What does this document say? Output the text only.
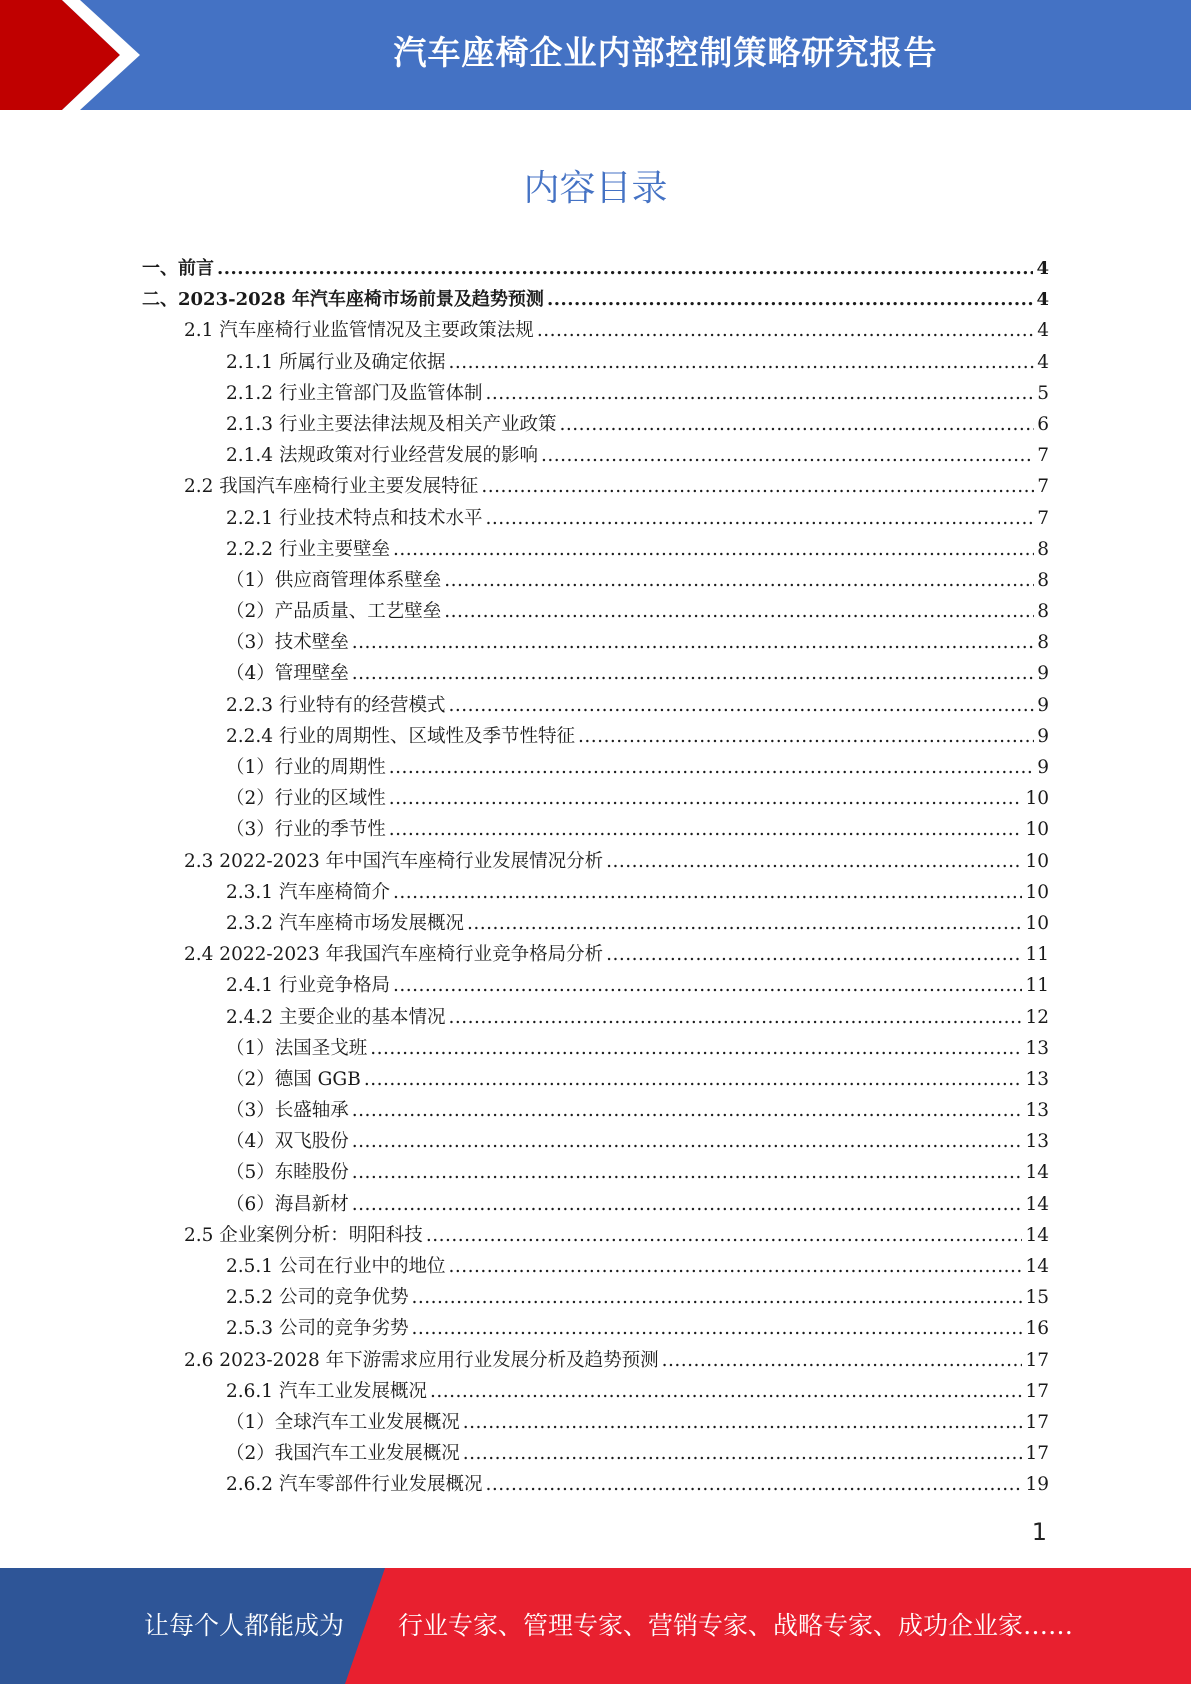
汽车座椅企业内部控制策略研究报告
内容目录
一、前言 .....	4
二、2023-2028 年汽车座椅市场前景及趋势预测 .....	4
2.1 汽车座椅行业监管情况及主要政策法规 .....	4
2.1.1 所属行业及确定依据 .....	4
2.1.2 行业主管部门及监管体制 .....	5
2.1.3 行业主要法律法规及相关产业政策 .....	6
2.1.4 法规政策对行业经营发展的影响 .....	7
2.2 我国汽车座椅行业主要发展特征 .....	7
2.2.1 行业技术特点和技术水平 .....	7
2.2.2 行业主要壁垒 .....	8
（1）供应商管理体系壁垒 .....	8
（2）产品质量、工艺壁垒 .....	8
（3）技术壁垒 .....	8
（4）管理壁垒 .....	9
2.2.3 行业特有的经营模式 .....	9
2.2.4 行业的周期性、区域性及季节性特征 .....	9
（1）行业的周期性 .....	9
（2）行业的区域性 .....	10
（3）行业的季节性 .....	10
2.3 2022-2023 年中国汽车座椅行业发展情况分析 .....	10
2.3.1 汽车座椅简介 .....	10
2.3.2 汽车座椅市场发展概况 .....	10
2.4 2022-2023 年我国汽车座椅行业竞争格局分析 .....	11
2.4.1 行业竞争格局 .....	11
2.4.2 主要企业的基本情况 .....	12
（1）法国圣戈班 .....	13
（2）德国 GGB .....	13
（3）长盛轴承 .....	13
（4）双飞股份 .....	13
（5）东睦股份 .....	14
（6）海昌新材 .....	14
2.5 企业案例分析：明阳科技 .....	14
2.5.1 公司在行业中的地位 .....	14
2.5.2 公司的竞争优势 .....	15
2.5.3 公司的竞争劣势 .....	16
2.6 2023-2028 年下游需求应用行业发展分析及趋势预测 .....	17
2.6.1 汽车工业发展概况 .....	17
（1）全球汽车工业发展概况 .....	17
（2）我国汽车工业发展概况 .....	17
2.6.2 汽车零部件行业发展概况 .....	19
1
让每个人都能成为 行业专家、管理专家、营销专家、战略专家、成功企业家……
